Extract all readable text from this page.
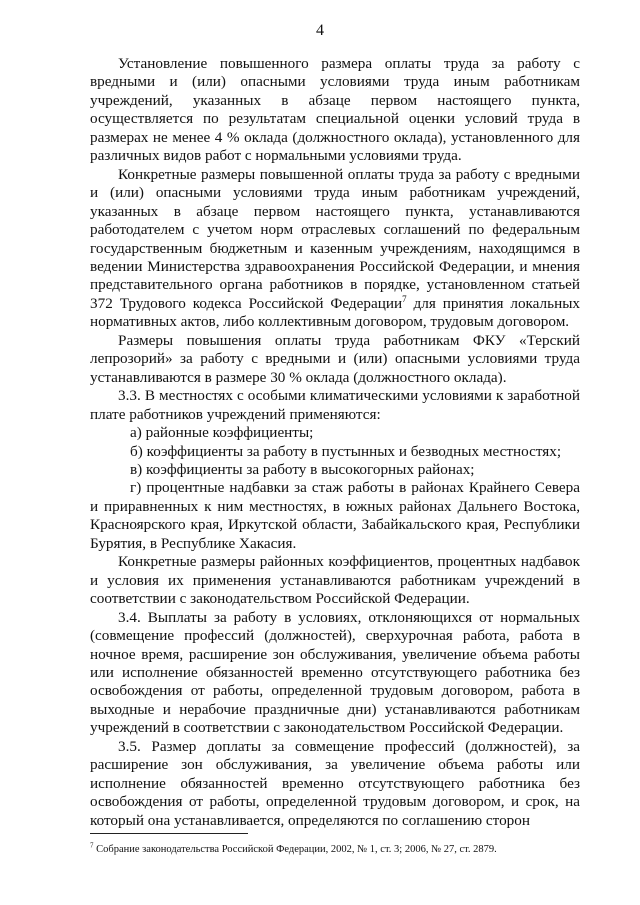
4

Установление повышенного размера оплаты труда за работу с вредными и (или) опасными условиями труда иным работникам учреждений, указанных в абзаце первом настоящего пункта, осуществляется по результатам специальной оценки условий труда в размерах не менее 4 % оклада (должностного оклада), установленного для различных видов работ с нормальными условиями труда.

Конкретные размеры повышенной оплаты труда за работу с вредными и (или) опасными условиями труда иным работникам учреждений, указанных в абзаце первом настоящего пункта, устанавливаются работодателем с учетом норм отраслевых соглашений по федеральным государственным бюджетным и казенным учреждениям, находящимся в ведении Министерства здравоохранения Российской Федерации, и мнения представительного органа работников в порядке, установленном статьей 372 Трудового кодекса Российской Федерации$^7$ для принятия локальных нормативных актов, либо коллективным договором, трудовым договором.

Размеры повышения оплаты труда работникам ФКУ «Терский лепрозорий» за работу с вредными и (или) опасными условиями труда устанавливаются в размере 30 % оклада (должностного оклада).

3.3. В местностях с особыми климатическими условиями к заработной плате работников учреждений применяются:

а) районные коэффициенты;

б) коэффициенты за работу в пустынных и безводных местностях;

в) коэффициенты за работу в высокогорных районах;

г) процентные надбавки за стаж работы в районах Крайнего Севера и приравненных к ним местностях, в южных районах Дальнего Востока, Красноярского края, Иркутской области, Забайкальского края, Республики Бурятия, в Республике Хакасия.

Конкретные размеры районных коэффициентов, процентных надбавок и условия их применения устанавливаются работникам учреждений в соответствии с законодательством Российской Федерации.

3.4. Выплаты за работу в условиях, отклоняющихся от нормальных (совмещение профессий (должностей), сверхурочная работа, работа в ночное время, расширение зон обслуживания, увеличение объема работы или исполнение обязанностей временно отсутствующего работника без освобождения от работы, определенной трудовым договором, работа в выходные и нерабочие праздничные дни) устанавливаются работникам учреждений в соответствии с законодательством Российской Федерации.

3.5. Размер доплаты за совмещение профессий (должностей), за расширение зон обслуживания, за увеличение объема работы или исполнение обязанностей временно отсутствующего работника без освобождения от работы, определенной трудовым договором, и срок, на который она устанавливается, определяются по соглашению сторон

$^7$ Собрание законодательства Российской Федерации, 2002, № 1, ст. 3; 2006, № 27, ст. 2879.
